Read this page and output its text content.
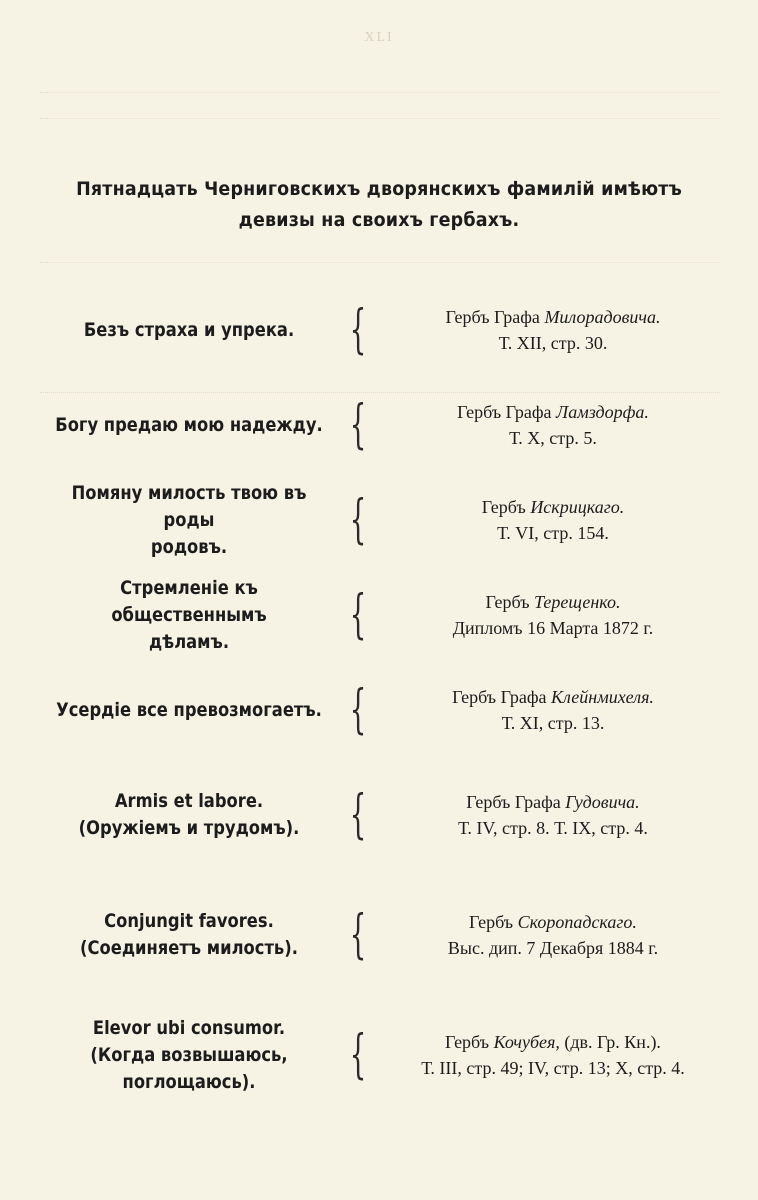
XLI
Пятнадцать Черниговскихъ дворянскихъ фамилій имѣютъ
девизы на своихъ гербахъ.
Безъ страха и упрека. {	Гербъ Графа Милорадовича.
Т. XII, стр. 30.
Богу предаю мою надежду. {	Гербъ Графа Ламздорфа.
Т. X, стр. 5.
Помяну милость твою въ роды
родовъ.	{	Гербъ Искрицкаго.
Т. VI, стр. 154.
Стремленіе къ общественнымъ
дѣламъ.	{	Гербъ Терещенко.
Дипломъ 16 Марта 1872 г.
Усердіе все превозмогаетъ. {	Гербъ Графа Клейнмихеля.
Т. XI, стр. 13.
Armis et labore.
(Оружіемъ и трудомъ). {	Гербъ Графа Гудовича.
Т. IV, стр. 8. Т. IX, стр. 4.
Conjungit favores.
(Соединяетъ милость). {	Гербъ Скоропадскаго.
Выс. дип. 7 Декабря 1884 г.
Elevor ubi consumor.
(Когда возвышаюсь, поглощаюсь).	{	Гербъ Кочубея, (дв. Гр. Кн.).
Т. III, стр. 49; IV, стр. 13; X, стр. 4.
